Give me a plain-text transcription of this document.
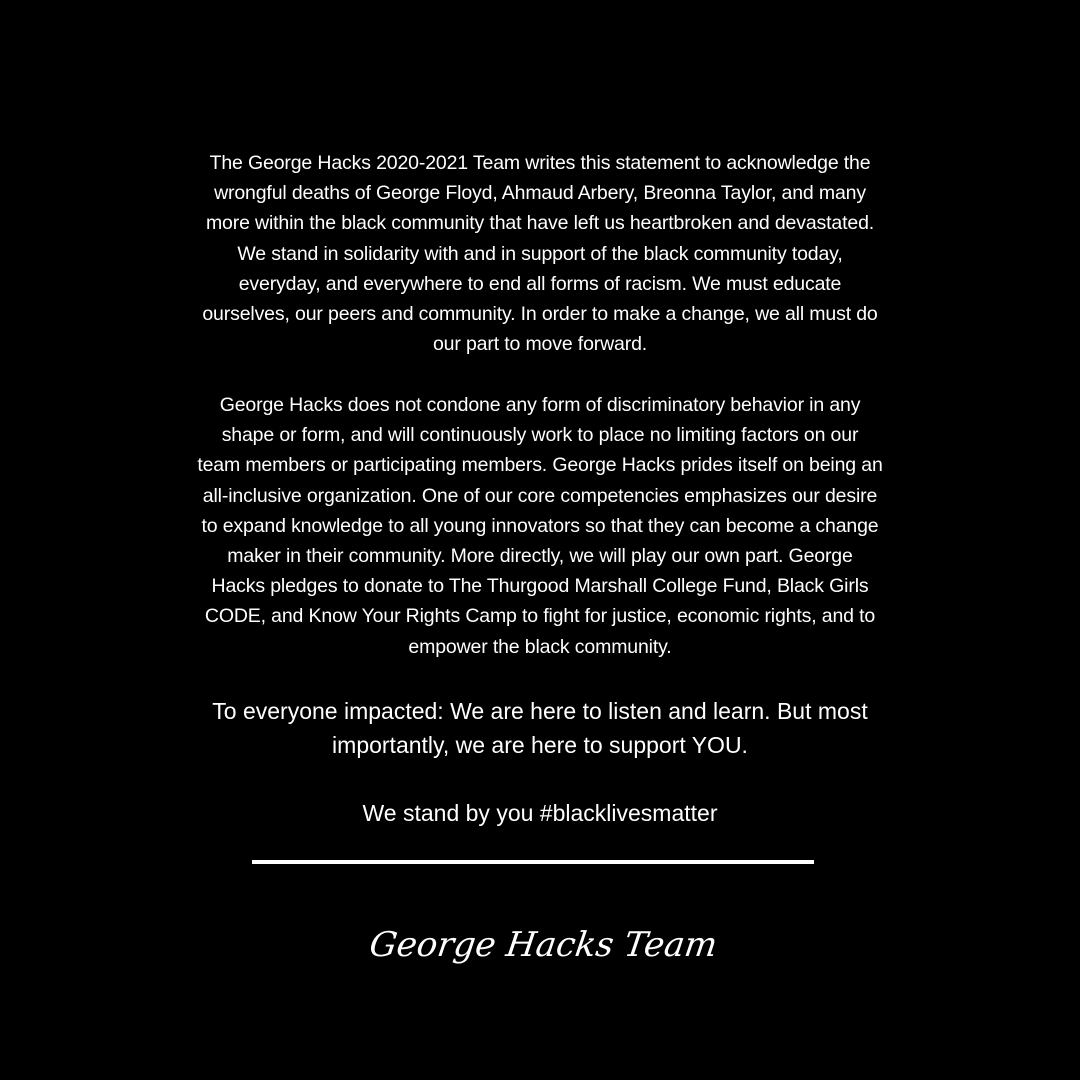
The George Hacks 2020-2021 Team writes this statement to acknowledge the
wrongful deaths of George Floyd, Ahmaud Arbery, Breonna Taylor, and many
more within the black community that have left us heartbroken and devastated.
We stand in solidarity with and in support of the black community today,
everyday, and everywhere to end all forms of racism. We must educate
ourselves, our peers and community. In order to make a change, we all must do
our part to move forward.

George Hacks does not condone any form of discriminatory behavior in any
shape or form, and will continuously work to place no limiting factors on our
team members or participating members. George Hacks prides itself on being an
all-inclusive organization. One of our core competencies emphasizes our desire
to expand knowledge to all young innovators so that they can become a change
maker in their community. More directly, we will play our own part. George
Hacks pledges to donate to The Thurgood Marshall College Fund, Black Girls
CODE, and Know Your Rights Camp to fight for justice, economic rights, and to
empower the black community.

To everyone impacted: We are here to listen and learn. But most
importantly, we are here to support YOU.

We stand by you #blacklivesmatter

George Hacks Team
